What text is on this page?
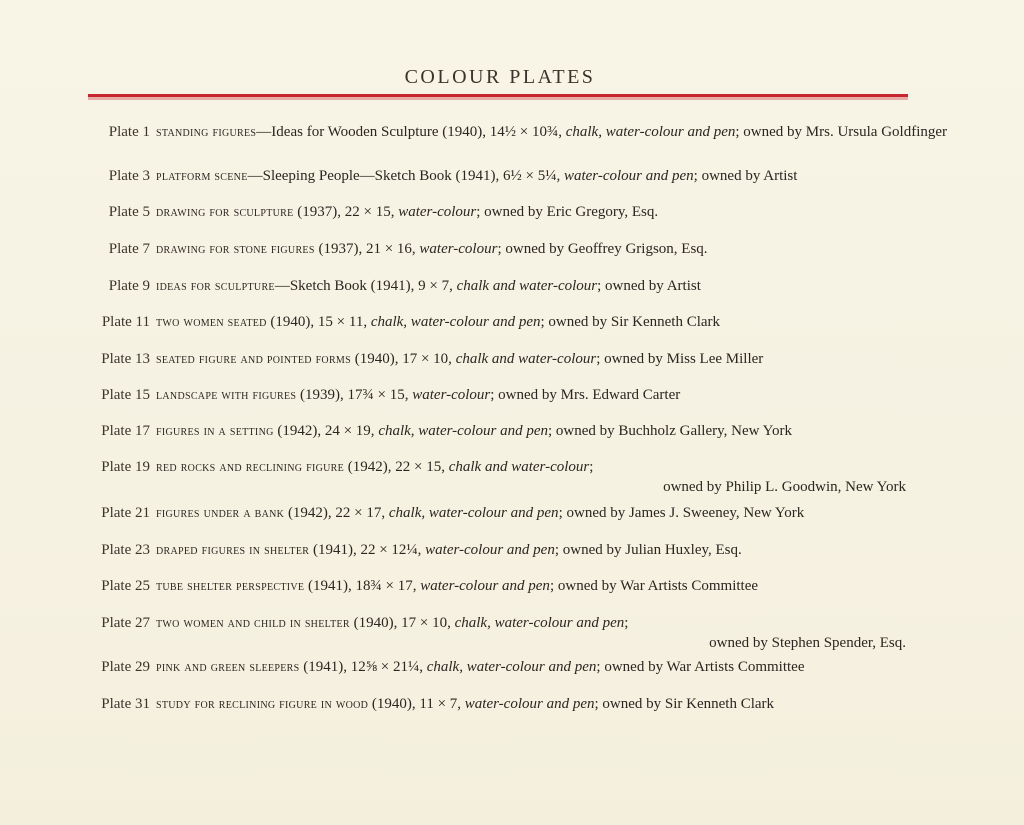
COLOUR PLATES
Plate 1 standing figures—Ideas for Wooden Sculpture (1940), 14½ × 10¾, chalk, water-colour and pen; owned by Mrs. Ursula Goldfinger
Plate 3 platform scene—Sleeping People—Sketch Book (1941), 6½ × 5¼, water-colour and pen; owned by Artist
Plate 5 drawing for sculpture (1937), 22 × 15, water-colour; owned by Eric Gregory, Esq.
Plate 7 drawing for stone figures (1937), 21 × 16, water-colour; owned by Geoffrey Grigson, Esq.
Plate 9 ideas for sculpture—Sketch Book (1941), 9 × 7, chalk and water-colour; owned by Artist
Plate 11 two women seated (1940), 15 × 11, chalk, water-colour and pen; owned by Sir Kenneth Clark
Plate 13 seated figure and pointed forms (1940), 17 × 10, chalk and water-colour; owned by Miss Lee Miller
Plate 15 landscape with figures (1939), 17¾ × 15, water-colour; owned by Mrs. Edward Carter
Plate 17 figures in a setting (1942), 24 × 19, chalk, water-colour and pen; owned by Buchholz Gallery, New York
Plate 19 red rocks and reclining figure (1942), 22 × 15, chalk and water-colour;
owned by Philip L. Goodwin, New York
Plate 21 figures under a bank (1942), 22 × 17, chalk, water-colour and pen; owned by James J. Sweeney, New York
Plate 23 draped figures in shelter (1941), 22 × 12¼, water-colour and pen; owned by Julian Huxley, Esq.
Plate 25 tube shelter perspective (1941), 18¾ × 17, water-colour and pen; owned by War Artists Committee
Plate 27 two women and child in shelter (1940), 17 × 10, chalk, water-colour and pen;
owned by Stephen Spender, Esq.
Plate 29 pink and green sleepers (1941), 12⅝ × 21¼, chalk, water-colour and pen; owned by War Artists Committee
Plate 31 study for reclining figure in wood (1940), 11 × 7, water-colour and pen; owned by Sir Kenneth Clark
